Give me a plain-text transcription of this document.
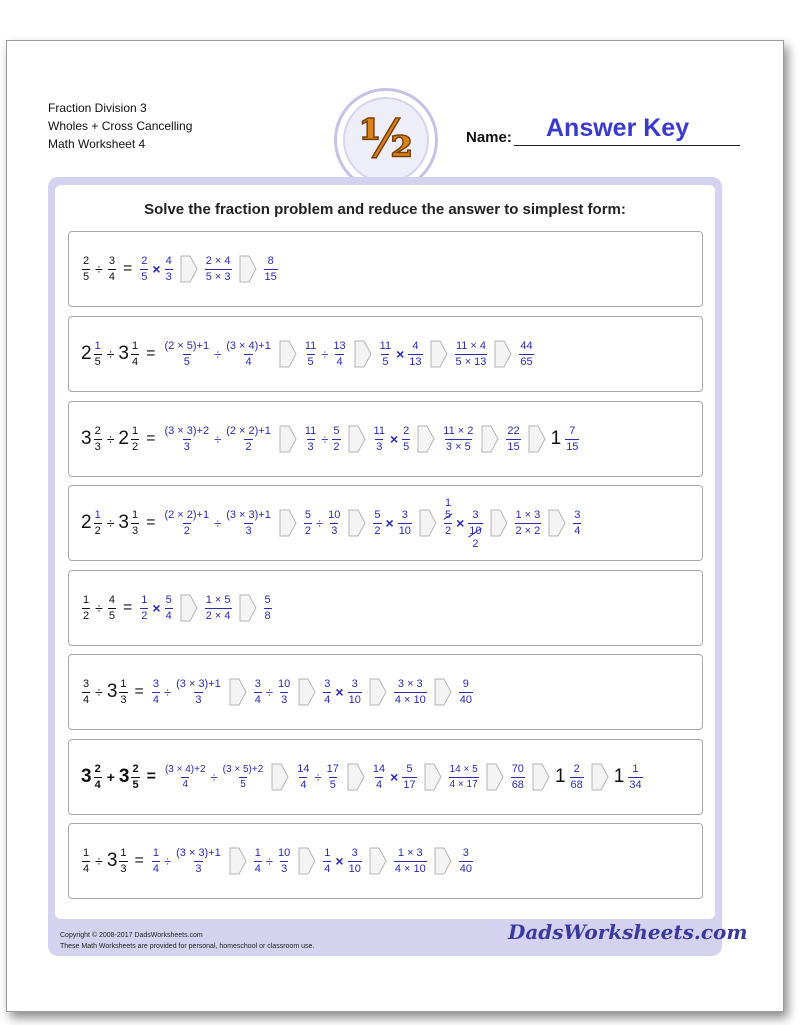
Fraction Division 3
Wholes + Cross Cancelling
Math Worksheet 4	½	Name: Answer Key
Solve the fraction problem and reduce the answer to simplest form:
$\frac{2}{5} \div \frac{3}{4} = \frac{2}{5} \times \frac{4}{3}$	$\frac{2 \times 4}{5 \times 3}$	$\frac{8}{15}$
$2 \frac{1}{5} \div 3 \frac{1}{4} = \frac{(2 \times 5)+1}{5} \div \frac{(3 \times 4)+1}{4}$	$\frac{11}{5} \div \frac{13}{4}$	$\frac{11}{5} \times \frac{4}{13}$	$\frac{11 \times 4}{5 \times 13}$	$\frac{44}{65}$
$3 \frac{2}{3} \div 2 \frac{1}{2} = \frac{(3 \times 3)+2}{3} \div \frac{(2 \times 2)+1}{2}$	$\frac{11}{3} \div \frac{5}{2}$	$\frac{11}{3} \times \frac{2}{5}$	$\frac{11 \times 2}{3 \times 5}$	$\frac{22}{15} 1 \frac{7}{15}$
$2 \frac{1}{2} \div 3 \frac{1}{3} = \frac{(2 \times 2)+1}{2} \div \frac{(3 \times 3)+1}{3}$	$\frac{5}{2} \div \frac{10}{3}$	$\frac{5}{2} \times \frac{3}{10}$	1
5
2 × 3
10
2	$\frac{1 \times 3}{2 \times 2}$	$\frac{3}{4}$
$\frac{1}{2} \div \frac{4}{5} = \frac{1}{2} \times \frac{5}{4}$	$\frac{1 \times 5}{2 \times 4}$	$\frac{5}{8}$
$\frac{3}{4} \div 3 \frac{1}{3} = \frac{3}{4} \div \frac{(3 \times 3)+1}{3}$	$\frac{3}{4} \div \frac{10}{3}$	$\frac{3}{4} \times \frac{3}{10}$	$\frac{3 \times 3}{4 \times 10}$	$\frac{9}{40}$
$3 \frac{2}{4} + 3 \frac{2}{5} = \frac{(3 \times 4)+2}{4} \div \frac{(3 \times 5)+2}{5}$	$\frac{14}{4} \div \frac{17}{5}$	$\frac{14}{4} \times \frac{5}{17}$	$\frac{14 \times 5}{4 \times 17}$	$\frac{70}{68} 1 \frac{2}{68} 1 \frac{1}{34}$
$\frac{1}{4} \div 3 \frac{1}{3} = \frac{1}{4} \div \frac{(3 \times 3)+1}{3}$	$\frac{1}{4} \div \frac{10}{3}$	$\frac{1}{4} \times \frac{3}{10}$	$\frac{1 \times 3}{4 \times 10}$	$\frac{3}{40}$
Copyright © 2008-2017 DadsWorksheets.com
These Math Worksheets are provided for personal, homeschool or classroom use.
DadsWorksheets.com
